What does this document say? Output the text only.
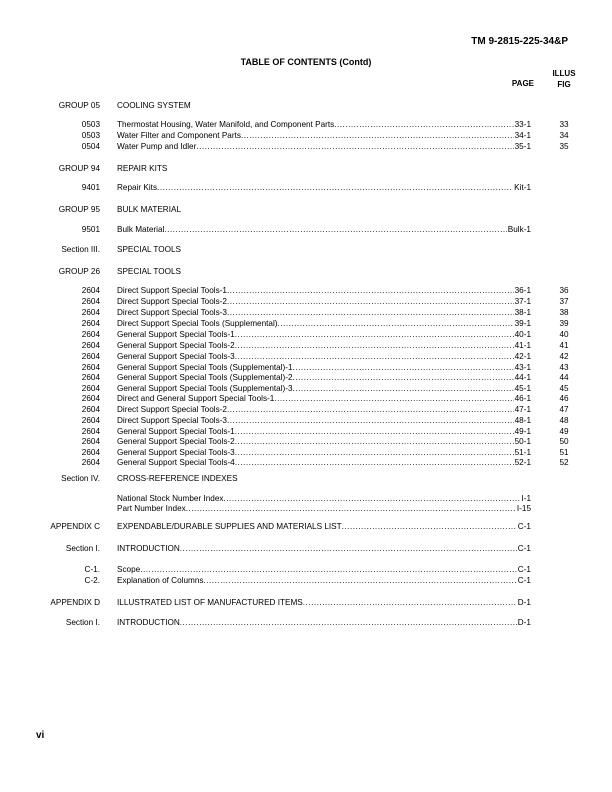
TM 9-2815-225-34&P
TABLE OF CONTENTS (Contd)
PAGE
ILLUS
FIG
GROUP 05 COOLING SYSTEM
0503 Thermostat Housing, Water Manifold, and Component Parts .....	33-1	33
0503 Water Filter and Component Parts .....	34-1	34
0504 Water Pump and Idler .....	35-1	35
GROUP 94 REPAIR KITS
9401 Repair Kits .....	Kit-1
GROUP 95 BULK MATERIAL
9501 Bulk Material .....	Bulk-1
Section III. SPECIAL TOOLS
GROUP 26 SPECIAL TOOLS
2604 Direct Support Special Tools-1 .....	36-1	36
2604 Direct Support Special Tools-2 .....	37-1	37
2604 Direct Support Special Tools-3 .....	38-1	38
2604 Direct Support Special Tools (Supplemental) .....	39-1	39
2604 General Support Special Tools-1 .....	40-1	40
2604 General Support Special Tools-2 .....	41-1	41
2604 General Support Special Tools-3 .....	42-1	42
2604 General Support Special Tools (Supplemental)-1 .....	43-1	43
2604 General Support Special Tools (Supplemental)-2 .....	44-1	44
2604 General Support Special Tools (Supplemental)-3 .....	45-1	45
2604 Direct and General Support Special Tools-1 .....	46-1	46
2604 Direct Support Special Tools-2 .....	47-1	47
2604 Direct Support Special Tools-3 .....	48-1	48
2604 General Support Special Tools-1 .....	49-1	49
2604 General Support Special Tools-2 .....	50-1	50
2604 General Support Special Tools-3 .....	51-1	51
2604 General Support Special Tools-4 .....	52-1	52
Section IV. CROSS-REFERENCE INDEXES
National Stock Number Index .....	I-1
Part Number Index .....	I-15
APPENDIX C EXPENDABLE/DURABLE SUPPLIES AND MATERIALS LIST .....	C-1
Section I. INTRODUCTION .....	C-1
C-1. Scope .....	C-1
C-2. Explanation of Columns .....	C-1
APPENDIX D ILLUSTRATED LIST OF MANUFACTURED ITEMS .....	D-1
Section I. INTRODUCTION .....	D-1
vi
